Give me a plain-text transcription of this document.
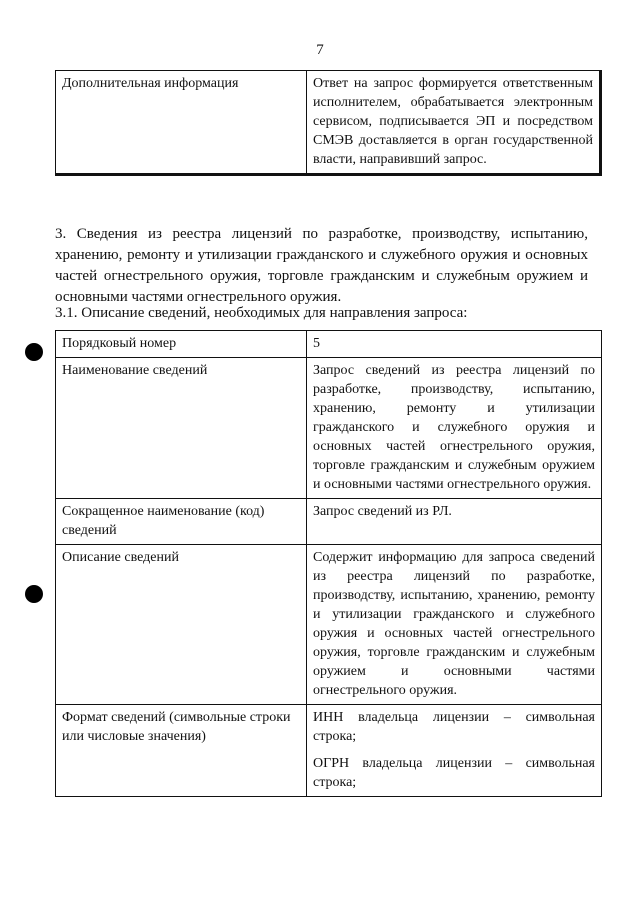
7
Дополнительная информация	Ответ на запрос формируется ответственным исполнителем, обрабатывается электронным сервисом, подписывается ЭП и посредством СМЭВ доставляется в орган государственной власти, направивший запрос.
3. Сведения из реестра лицензий по разработке, производству, испытанию, хранению, ремонту и утилизации гражданского и служебного оружия и основных частей огнестрельного оружия, торговле гражданским и служебным оружием и основными частями огнестрельного оружия.
3.1. Описание сведений, необходимых для направления запроса:
Порядковый номер	5
Наименование сведений	Запрос сведений из реестра лицензий по разработке, производству, испытанию, хранению, ремонту и утилизации гражданского и служебного оружия и основных частей огнестрельного оружия, торговле гражданским и служебным оружием и основными частями огнестрельного оружия.
Сокращенное наименование (код) сведений	Запрос сведений из РЛ.
Описание сведений	Содержит информацию для запроса сведений из реестра лицензий по разработке, производству, испытанию, хранению, ремонту и утилизации гражданского и служебного оружия и основных частей огнестрельного оружия, торговле гражданским и служебным оружием и основными частями огнестрельного оружия.
Формат сведений (символьные строки или числовые значения)	ИНН владельца лицензии – символьная строка;

ОГРН владельца лицензии – символьная строка;
